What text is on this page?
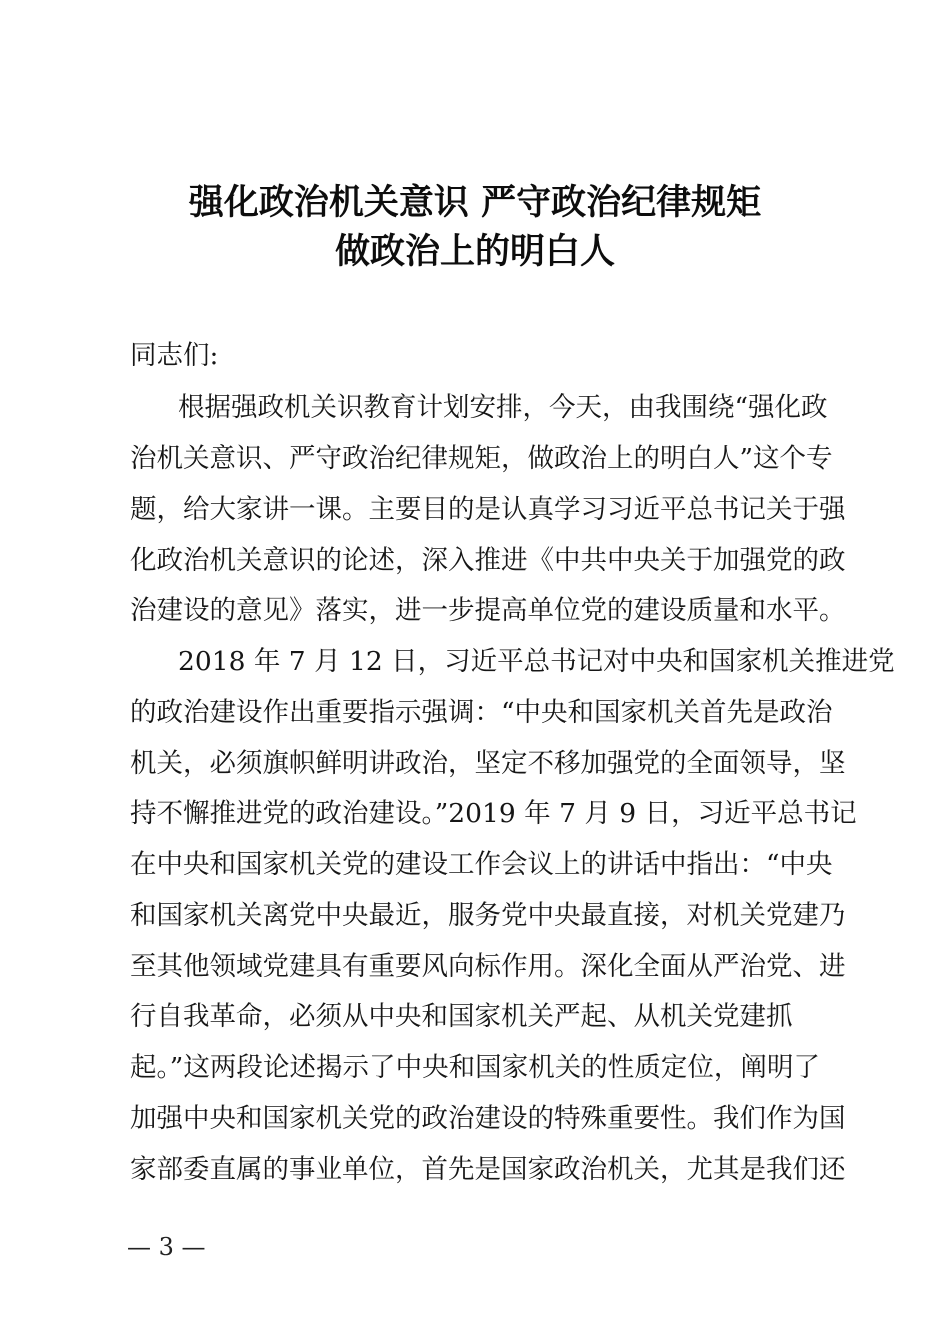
强化政治机关意识 严守政治纪律规矩
做政治上的明白人
同志们:
根据强政机关识教育计划安排，今天，由我围绕“强化政
治机关意识、严守政治纪律规矩，做政治上的明白人”这个专
题，给大家讲一课。主要目的是认真学习习近平总书记关于强
化政治机关意识的论述，深入推进《中共中央关于加强党的政
治建设的意见》落实，进一步提高单位党的建设质量和水平。
2018 年 7 月 12 日，习近平总书记对中央和国家机关推进党
的政治建设作出重要指示强调：“中央和国家机关首先是政治
机关，必须旗帜鲜明讲政治，坚定不移加强党的全面领导，坚
持不懈推进党的政治建设。”2019 年 7 月 9 日，习近平总书记
在中央和国家机关党的建设工作会议上的讲话中指出：“中央
和国家机关离党中央最近，服务党中央最直接，对机关党建乃
至其他领域党建具有重要风向标作用。深化全面从严治党、进
行自我革命，必须从中央和国家机关严起、从机关党建抓
起。”这两段论述揭示了中央和国家机关的性质定位，阐明了
加强中央和国家机关党的政治建设的特殊重要性。我们作为国
家部委直属的事业单位，首先是国家政治机关，尤其是我们还
— 3 —
